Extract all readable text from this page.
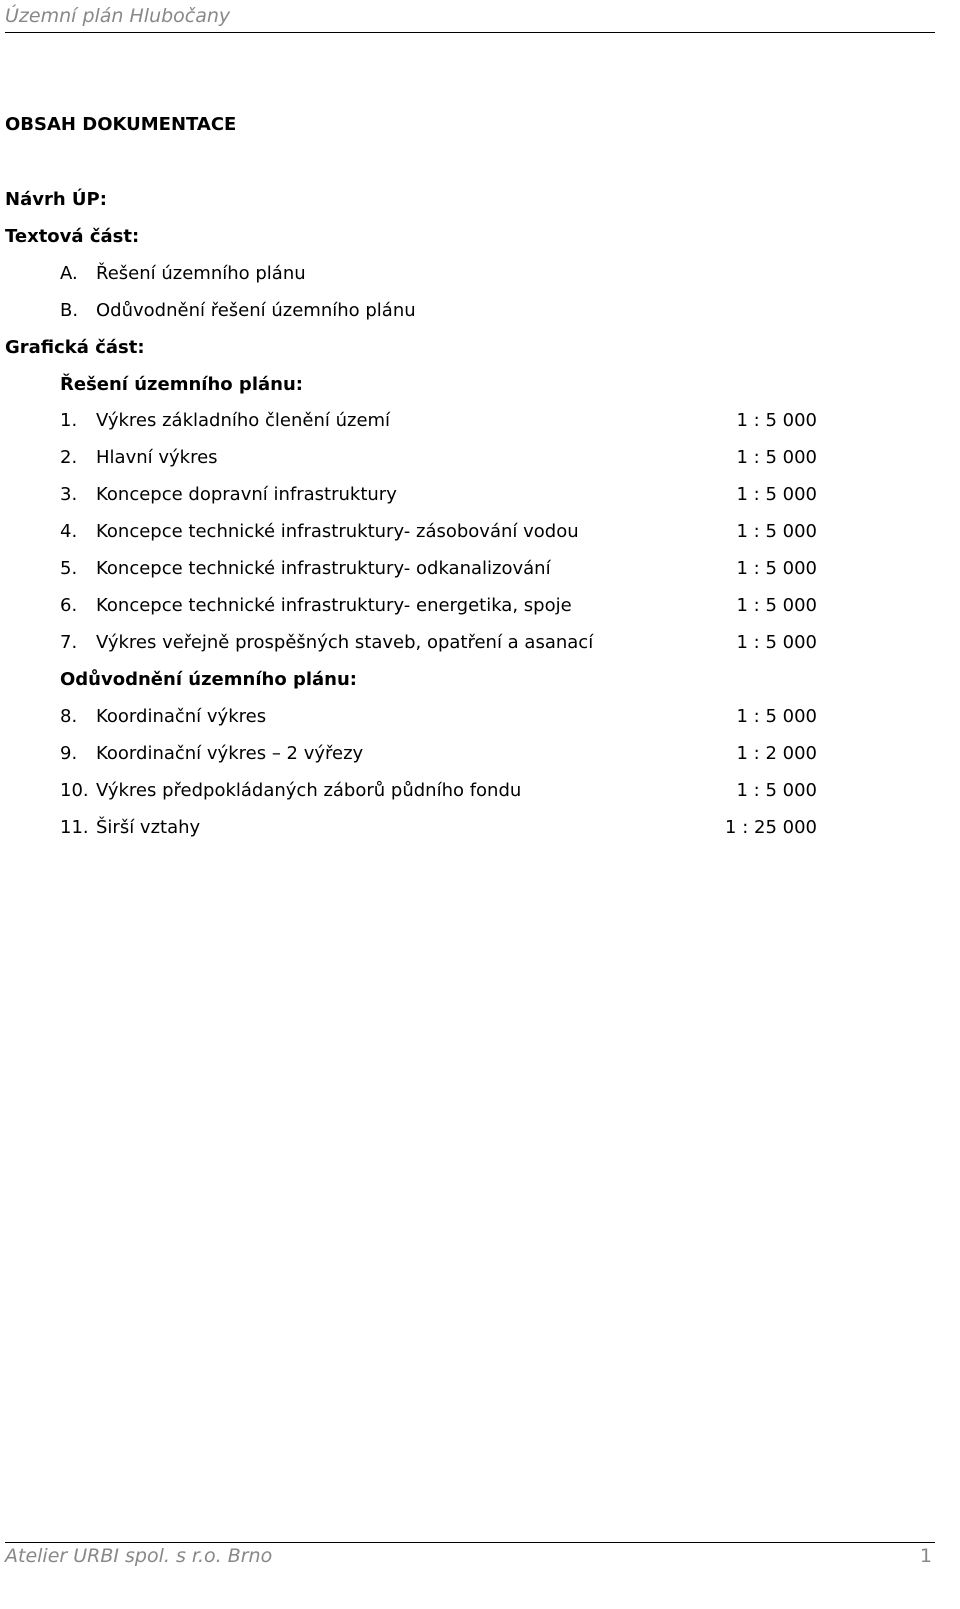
Územní plán Hlubočany
OBSAH DOKUMENTACE
Návrh ÚP:
Textová část:
A. Řešení územního plánu
B. Odůvodnění řešení územního plánu
Grafická část:
Řešení územního plánu:
1. Výkres základního členění území	1 : 5 000
2. Hlavní výkres	1 : 5 000
3. Koncepce dopravní infrastruktury	1 : 5 000
4. Koncepce technické infrastruktury- zásobování vodou	1 : 5 000
5. Koncepce technické infrastruktury- odkanalizování	1 : 5 000
6. Koncepce technické infrastruktury- energetika, spoje	1 : 5 000
7. Výkres veřejně prospěšných staveb, opatření a asanací	1 : 5 000
Odůvodnění územního plánu:
8. Koordinační výkres	1 : 5 000
9. Koordinační výkres – 2 výřezy	1 : 2 000
10. Výkres předpokládaných záborů půdního fondu	1 : 5 000
11. Širší vztahy	1 : 25 000
Atelier URBI spol. s r.o. Brno	1
